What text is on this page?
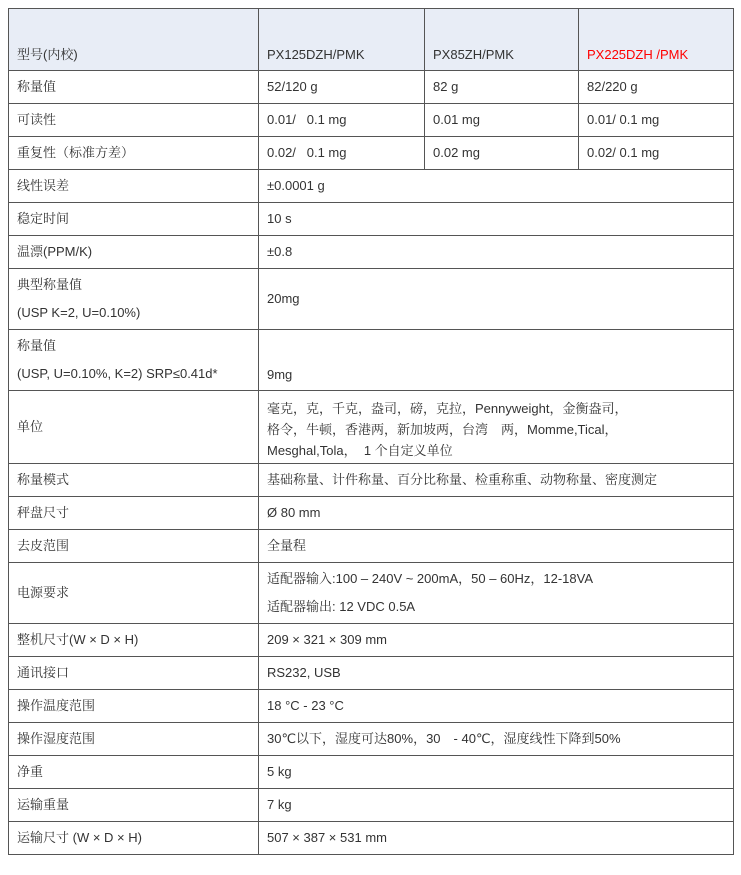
型号(内校)	PX125DZH/PMK	PX85ZH/PMK	PX225DZH /PMK
称量值	52/120 g	82 g	82/220 g
可读性	0.01/   0.1 mg	0.01 mg	0.01/ 0.1 mg
重复性（标准方差）	0.02/   0.1 mg	0.02 mg	0.02/ 0.1 mg
线性误差	±0.0001 g		
稳定时间	10 s		
温漂(PPM/K)	±0.8		

典型称量值
(USP K=2, U=0.10%)	20mg		

称量值
(USP, U=0.10%, K=2) SRP≤0.41d*	9mg		
单位	毫克，克，千克，盎司，磅，克拉，Pennyweight，金衡盎司，
格令，牛顿，香港两，新加坡两，台湾　两，Momme,Tical，
Mesghal,Tola，  1 个自定义单位		

称量模式	基础称量、计件称量、百分比称量、检重称重、动物称量、密度测定		
秤盘尺寸	Ø 80 mm		
去皮范围	全量程		
电源要求	适配器输入:100 – 240V ~ 200mA，50 – 60Hz，12-18VA
适配器输出: 12 VDC 0.5A		

整机尺寸(W × D × H)	209 × 321 × 309 mm		
通讯接口	RS232, USB		
操作温度范围	18 °C - 23 °C		
操作湿度范围	30℃以下，湿度可达80%，30　- 40℃，湿度线性下降到50%		
净重	5 kg		
运输重量	7 kg		
运输尺寸 (W × D × H)	507 × 387 × 531 mm		
